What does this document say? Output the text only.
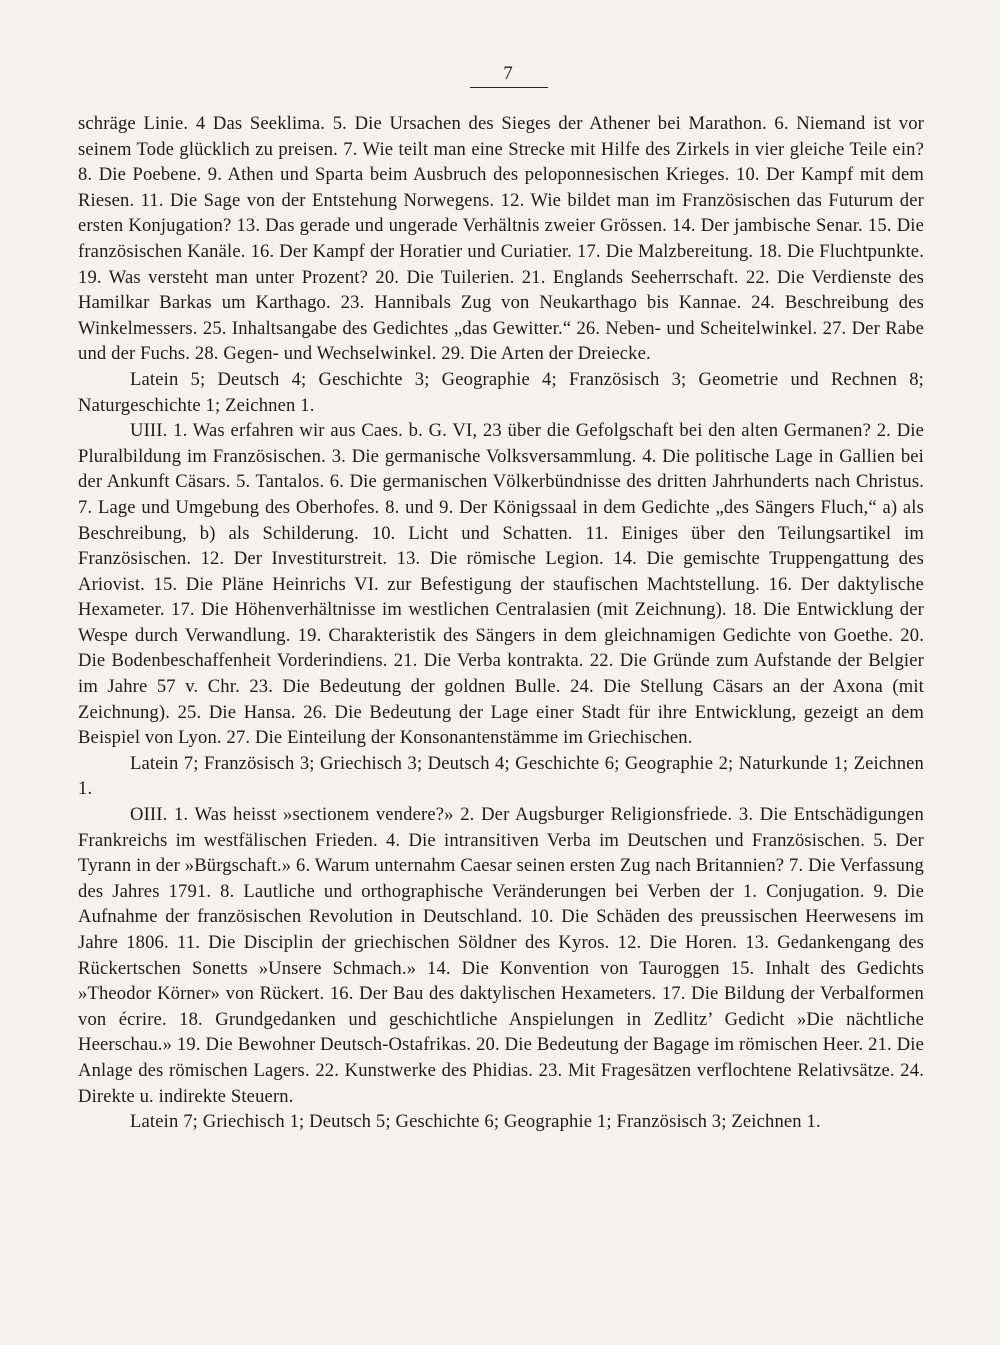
7

schräge Linie. 4 Das Seeklima. 5. Die Ursachen des Sieges der Athener bei Marathon. 6. Niemand ist vor seinem Tode glücklich zu preisen. 7. Wie teilt man eine Strecke mit Hilfe des Zirkels in vier gleiche Teile ein? 8. Die Poebene. 9. Athen und Sparta beim Ausbruch des peloponnesischen Krieges. 10. Der Kampf mit dem Riesen. 11. Die Sage von der Entstehung Norwegens. 12. Wie bildet man im Französischen das Futurum der ersten Konjugation? 13. Das gerade und ungerade Verhältnis zweier Grössen. 14. Der jambische Senar. 15. Die französischen Kanäle. 16. Der Kampf der Horatier und Curiatier. 17. Die Malzbereitung. 18. Die Fluchtpunkte. 19. Was versteht man unter Prozent? 20. Die Tuilerien. 21. Englands Seeherrschaft. 22. Die Verdienste des Hamilkar Barkas um Karthago. 23. Hannibals Zug von Neukarthago bis Kannae. 24. Beschreibung des Winkelmessers. 25. Inhaltsangabe des Gedichtes „das Gewitter.“ 26. Neben- und Scheitelwinkel. 27. Der Rabe und der Fuchs. 28. Gegen- und Wechselwinkel. 29. Die Arten der Dreiecke.

Latein 5; Deutsch 4; Geschichte 3; Geographie 4; Französisch 3; Geometrie und Rechnen 8; Naturgeschichte 1; Zeichnen 1.

UIII. 1. Was erfahren wir aus Caes. b. G. VI, 23 über die Gefolgschaft bei den alten Germanen? 2. Die Pluralbildung im Französischen. 3. Die germanische Volksversammlung. 4. Die politische Lage in Gallien bei der Ankunft Cäsars. 5. Tantalos. 6. Die germanischen Völkerbündnisse des dritten Jahrhunderts nach Christus. 7. Lage und Umgebung des Oberhofes. 8. und 9. Der Königssaal in dem Gedichte „des Sängers Fluch,“ a) als Beschreibung, b) als Schilderung. 10. Licht und Schatten. 11. Einiges über den Teilungsartikel im Französischen. 12. Der Investiturstreit. 13. Die römische Legion. 14. Die gemischte Truppengattung des Ariovist. 15. Die Pläne Heinrichs VI. zur Befestigung der staufischen Machtstellung. 16. Der daktylische Hexameter. 17. Die Höhenverhältnisse im westlichen Centralasien (mit Zeichnung). 18. Die Entwicklung der Wespe durch Verwandlung. 19. Charakteristik des Sängers in dem gleichnamigen Gedichte von Goethe. 20. Die Bodenbeschaffenheit Vorderindiens. 21. Die Verba kontrakta. 22. Die Gründe zum Aufstande der Belgier im Jahre 57 v. Chr. 23. Die Bedeutung der goldnen Bulle. 24. Die Stellung Cäsars an der Axona (mit Zeichnung). 25. Die Hansa. 26. Die Bedeutung der Lage einer Stadt für ihre Entwicklung, gezeigt an dem Beispiel von Lyon. 27. Die Einteilung der Konsonantenstämme im Griechischen.

Latein 7; Französisch 3; Griechisch 3; Deutsch 4; Geschichte 6; Geographie 2; Naturkunde 1; Zeichnen 1.

OIII. 1. Was heisst »sectionem vendere?» 2. Der Augsburger Religionsfriede. 3. Die Entschädigungen Frankreichs im westfälischen Frieden. 4. Die intransitiven Verba im Deutschen und Französischen. 5. Der Tyrann in der »Bürgschaft.» 6. Warum unternahm Caesar seinen ersten Zug nach Britannien? 7. Die Verfassung des Jahres 1791. 8. Lautliche und orthographische Veränderungen bei Verben der 1. Conjugation. 9. Die Aufnahme der französischen Revolution in Deutschland. 10. Die Schäden des preussischen Heerwesens im Jahre 1806. 11. Die Disciplin der griechischen Söldner des Kyros. 12. Die Horen. 13. Gedankengang des Rückertschen Sonetts »Unsere Schmach.» 14. Die Konvention von Tauroggen 15. Inhalt des Gedichts »Theodor Körner» von Rückert. 16. Der Bau des daktylischen Hexameters. 17. Die Bildung der Verbalformen von écrire. 18. Grundgedanken und geschichtliche Anspielungen in Zedlitz’ Gedicht »Die nächtliche Heerschau.» 19. Die Bewohner Deutsch-Ostafrikas. 20. Die Bedeutung der Bagage im römischen Heer. 21. Die Anlage des römischen Lagers. 22. Kunstwerke des Phidias. 23. Mit Fragesätzen verflochtene Relativsätze. 24. Direkte u. indirekte Steuern.

Latein 7; Griechisch 1; Deutsch 5; Geschichte 6; Geographie 1; Französisch 3; Zeichnen 1.
